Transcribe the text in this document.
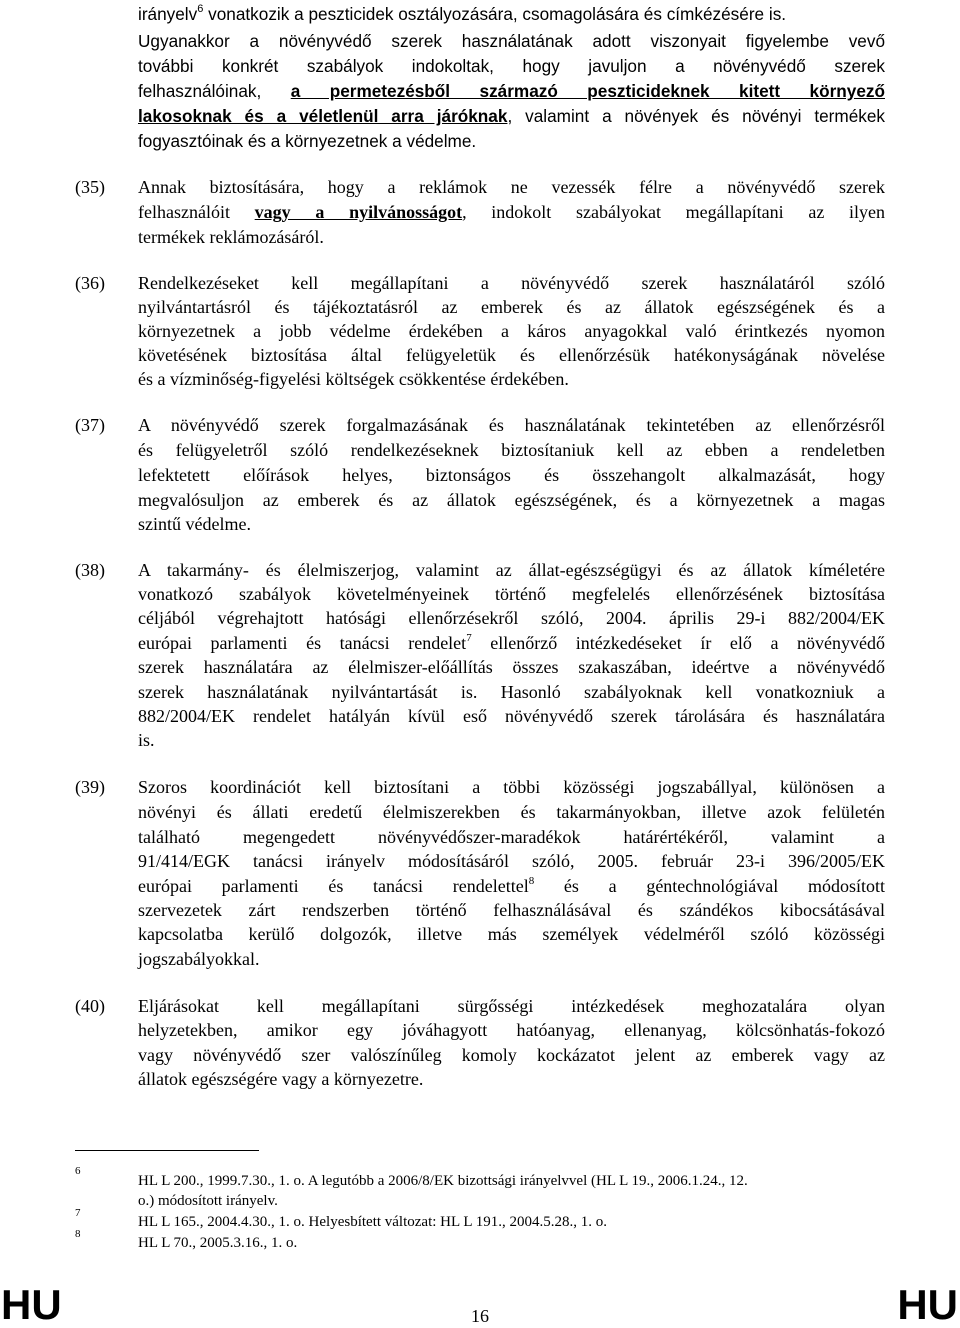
irányelv$^6$ vonatkozik a peszticidek osztályozására, csomagolására és címkézésére is.
Ugyanakkor a növényvédő szerek használatának adott viszonyait figyelembe vevő
további konkrét szabályok indokoltak, hogy javuljon a növényvédő szerek
felhasználóinak, a permetezésből származó peszticideknek kitett környező
lakosoknak és a véletlenül arra járóknak, valamint a növények és növényi termékek
fogyasztóinak és a környezetnek a védelme.
(35) Annak biztosítására, hogy a reklámok ne vezessék félre a növényvédő szerek
felhasználóit vagy a nyilvánosságot, indokolt szabályokat megállapítani az ilyen
termékek reklámozásáról.
(36) Rendelkezéseket kell megállapítani a növényvédő szerek használatáról szóló
nyilvántartásról és tájékoztatásról az emberek és az állatok egészségének és a
környezetnek a jobb védelme érdekében a káros anyagokkal való érintkezés nyomon
követésének biztosítása által felügyeletük és ellenőrzésük hatékonyságának növelése
és a vízminőség-figyelési költségek csökkentése érdekében.
(37) A növényvédő szerek forgalmazásának és használatának tekintetében az ellenőrzésről
és felügyeletről szóló rendelkezéseknek biztosítaniuk kell az ebben a rendeletben
lefektetett előírások helyes, biztonságos és összehangolt alkalmazását, hogy
megvalósuljon az emberek és az állatok egészségének, és a környezetnek a magas
szintű védelme.
(38) A takarmány- és élelmiszerjog, valamint az állat-egészségügyi és az állatok kíméletére
vonatkozó szabályok követelményeinek történő megfelelés ellenőrzésének biztosítása
céljából végrehajtott hatósági ellenőrzésekről szóló, 2004. április 29-i 882/2004/EK
európai parlamenti és tanácsi rendelet$^7$ ellenőrző intézkedéseket ír elő a növényvédő
szerek használatára az élelmiszer-előállítás összes szakaszában, ideértve a növényvédő
szerek használatának nyilvántartását is. Hasonló szabályoknak kell vonatkozniuk a
882/2004/EK rendelet hatályán kívül eső növényvédő szerek tárolására és használatára
is.
(39) Szoros koordinációt kell biztosítani a többi közösségi jogszabállyal, különösen a
növényi és állati eredetű élelmiszerekben és takarmányokban, illetve azok felületén
található megengedett növényvédőszer-maradékok határértékéről, valamint a
91/414/EGK tanácsi irányelv módosításáról szóló, 2005. február 23-i 396/2005/EK
európai parlamenti és tanácsi rendelettel$^8$ és a géntechnológiával módosított
szervezetek zárt rendszerben történő felhasználásával és szándékos kibocsátásával
kapcsolatba kerülő dolgozók, illetve más személyek védelméről szóló közösségi
jogszabályokkal.
(40) Eljárásokat kell megállapítani sürgősségi intézkedések meghozatalára olyan
helyzetekben, amikor egy jóváhagyott hatóanyag, ellenanyag, kölcsönhatás-fokozó
vagy növényvédő szer valószínűleg komoly kockázatot jelent az emberek vagy az
állatok egészségére vagy a környezetre.
6
HL L 200., 1999.7.30., 1. o. A legutóbb a 2006/8/EK bizottsági irányelvvel (HL L 19., 2006.1.24., 12.
o.) módosított irányelv.
7
HL L 165., 2004.4.30., 1. o. Helyesbített változat: HL L 191., 2004.5.28., 1. o.
8
HL L 70., 2005.3.16., 1. o.
HU	16	HU
